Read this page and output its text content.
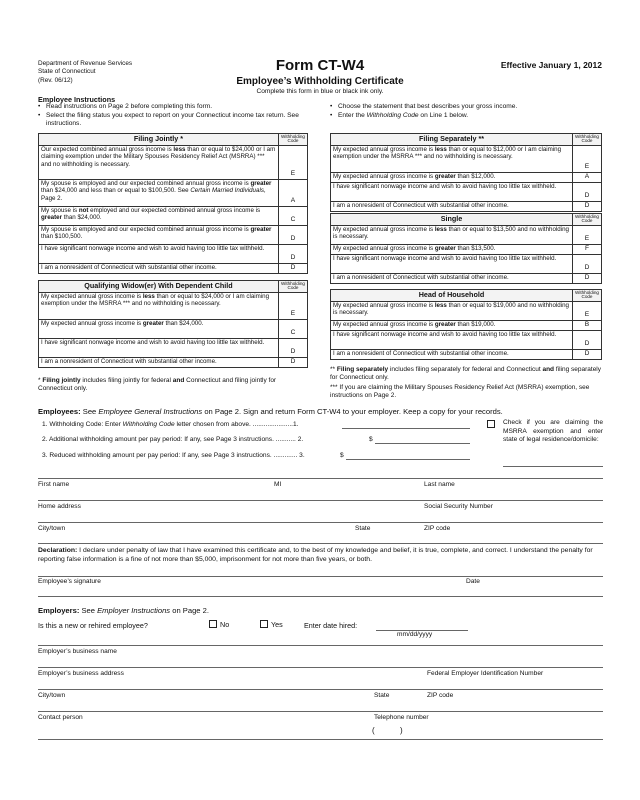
Department of Revenue Services
State of Connecticut
(Rev. 06/12)
Form CT-W4
Employee’s Withholding Certificate
Complete this form in blue or black ink only.
Effective January 1, 2012
Employee Instructions
• Read instructions on Page 2 before completing this form.
• Select the filing status you expect to report on your Connecticut income tax return. See instructions.
• Choose the statement that best describes your gross income.
• Enter the Withholding Code on Line 1 below.
Filing Jointly *	Withholding Code
Our expected combined annual gross income is less than or equal to $24,000 or I am claiming exemption under the Military Spouses Residency Relief Act (MSRRA) *** and no withholding is necessary.	E
My spouse is employed and our expected combined annual gross income is greater than $24,000 and less than or equal to $100,500. See Certain Married Individuals, Page 2.	A
My spouse is not employed and our expected combined annual gross income is greater than $24,000.	C
My spouse is employed and our expected combined annual gross income is greater than $100,500.	D
I have significant nonwage income and wish to avoid having too little tax withheld.	D
I am a nonresident of Connecticut with substantial other income.	D
Qualifying Widow(er) With Dependent Child	Withholding Code
My expected annual gross income is less than or equal to $24,000 or I am claiming exemption under the MSRRA *** and no withholding is necessary.	E
My expected annual gross income is greater than $24,000.	C
I have significant nonwage income and wish to avoid having too little tax withheld.	D
I am a nonresident of Connecticut with substantial other income.	D
* Filing jointly includes filing jointly for federal and Connecticut and filing jointly for Connecticut only.
Filing Separately **	Withholding Code
My expected annual gross income is less than or equal to $12,000 or I am claiming exemption under the MSRRA *** and no withholding is necessary.	E
My expected annual gross income is greater than $12,000.	A
I have significant nonwage income and wish to avoid having too little tax withheld.	D
I am a nonresident of Connecticut with substantial other income.	D
Single	Withholding Code
My expected annual gross income is less than or equal to $13,500 and no withholding is necessary.	E
My expected annual gross income is greater than $13,500.	F
I have significant nonwage income and wish to avoid having too little tax withheld.	D
I am a nonresident of Connecticut with substantial other income.	D
Head of Household	Withholding Code
My expected annual gross income is less than or equal to $19,000 and no withholding is necessary.	E
My expected annual gross income is greater than $19,000.	B
I have significant nonwage income and wish to avoid having too little tax withheld.	D
I am a nonresident of Connecticut with substantial other income.	D
** Filing separately includes filing separately for federal and Connecticut and filing separately for Connecticut only.
*** If you are claiming the Military Spouses Residency Relief Act (MSRRA) exemption, see instructions on Page 2.
Employees: See Employee General Instructions on Page 2. Sign and return Form CT-W4 to your employer. Keep a copy for your records.
1. Withholding Code: Enter Withholding Code letter chosen from above. ......................1.
2. Additional withholding amount per pay period: If any, see Page 3 instructions. ........... 2.	$
3. Reduced withholding amount per pay period: If any, see Page 3 instructions. ............. 3.	$
Check if you are claiming the MSRRA exemption and enter state of legal residence/domicile:
First name	MI	Last name
Home address	Social Security Number
City/town	State	ZIP code
Declaration: I declare under penalty of law that I have examined this certificate and, to the best of my knowledge and belief, it is true, complete, and correct. I understand the penalty for reporting false information is a fine of not more than $5,000, imprisonment for not more than five years, or both.
Employee’s signature	Date
Employers: See Employer Instructions on Page 2.
Is this a new or rehired employee?	No	Yes	Enter date hired:
mm/dd/yyyy
Employer’s business name
Employer’s business address	Federal Employer Identification Number
City/town	State	ZIP code
Contact person	Telephone number
(	)
